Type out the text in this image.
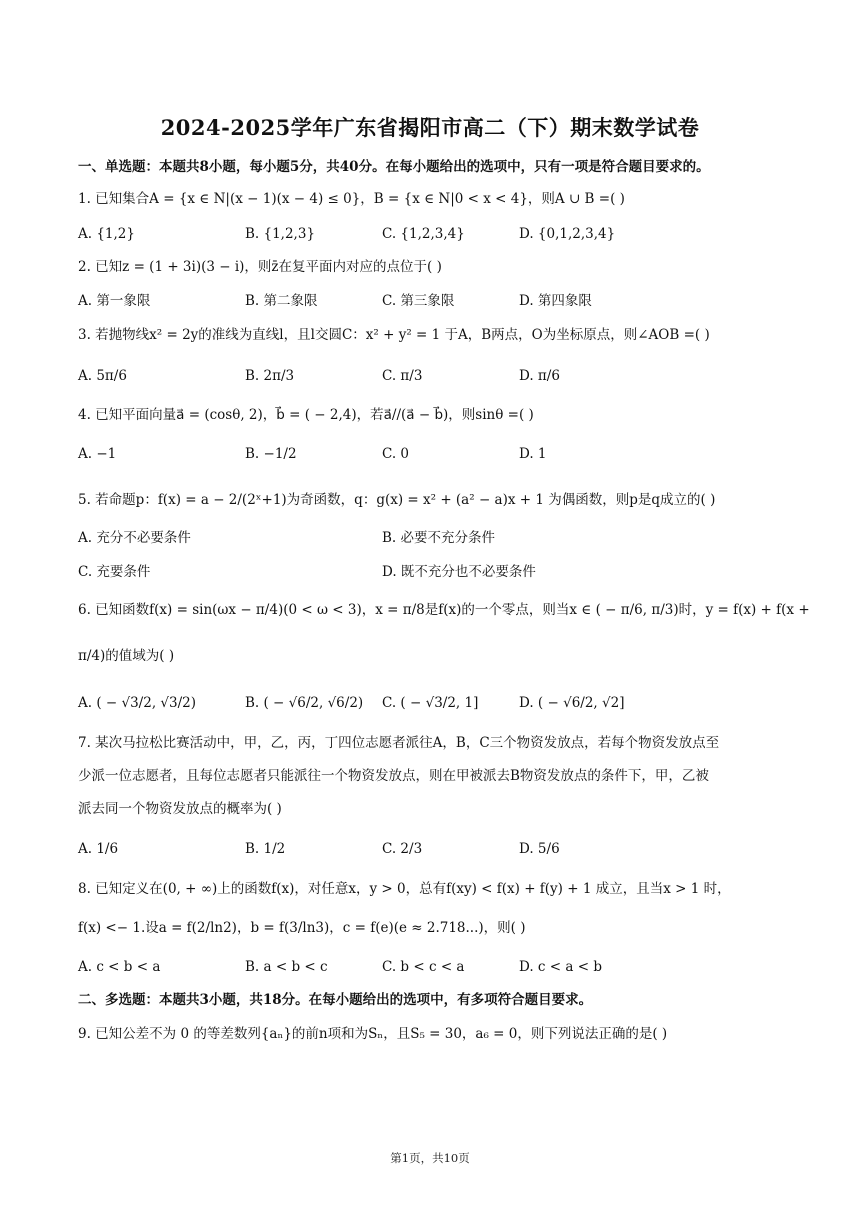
2024-2025学年广东省揭阳市高二（下）期末数学试卷
一、单选题：本题共8小题，每小题5分，共40分。在每小题给出的选项中，只有一项是符合题目要求的。
1. 已知集合A = {x ∈ N|(x − 1)(x − 4) ≤ 0}，B = {x ∈ N|0 < x < 4}，则A ∪ B =( )
A. {1,2}	B. {1,2,3}	C. {1,2,3,4}	D. {0,1,2,3,4}
2. 已知z = (1 + 3i)(3 − i)，则z̄在复平面内对应的点位于( )
A. 第一象限	B. 第二象限	C. 第三象限	D. 第四象限
3. 若抛物线x² = 2y的准线为直线l，且l交圆C：x² + y² = 1 于A，B两点，O为坐标原点，则∠AOB =( )
A. 5π/6	B. 2π/3	C. π/3	D. π/6
4. 已知平面向量a⃗ = (cosθ, 2)，b⃗ = ( − 2,4)，若a⃗//(a⃗ − b⃗)，则sinθ =( )
A. −1	B. −1/2	C. 0	D. 1
5. 若命题p：f(x) = a − 2/(2ˣ+1)为奇函数，q：g(x) = x² + (a² − a)x + 1 为偶函数，则p是q成立的( )
A. 充分不必要条件	B. 必要不充分条件
C. 充要条件	D. 既不充分也不必要条件
6. 已知函数f(x) = sin(ωx − π/4)(0 < ω < 3)，x = π/8是f(x)的一个零点，则当x ∈ ( − π/6, π/3)时，y = f(x) + f(x +
π/4)的值域为( )
A. ( − √3/2, √3/2)	B. ( − √6/2, √6/2) C. ( − √3/2, 1]	D. ( − √6/2, √2]
7. 某次马拉松比赛活动中，甲，乙，丙，丁四位志愿者派往A，B，C三个物资发放点，若每个物资发放点至
少派一位志愿者，且每位志愿者只能派往一个物资发放点，则在甲被派去B物资发放点的条件下，甲，乙被
派去同一个物资发放点的概率为( )
A. 1/6	B. 1/2	C. 2/3	D. 5/6
8. 已知定义在(0, + ∞)上的函数f(x)，对任意x，y > 0，总有f(xy) < f(x) + f(y) + 1 成立，且当x > 1 时，
f(x) <− 1.设a = f(2/ln2)，b = f(3/ln3)，c = f(e)(e ≈ 2.718...)，则( )
A. c < b < a	B. a < b < c	C. b < c < a	D. c < a < b
二、多选题：本题共3小题，共18分。在每小题给出的选项中，有多项符合题目要求。
9. 已知公差不为 0 的等差数列{aₙ}的前n项和为Sₙ，且S₅ = 30，a₆ = 0，则下列说法正确的是( )
第1页，共10页
